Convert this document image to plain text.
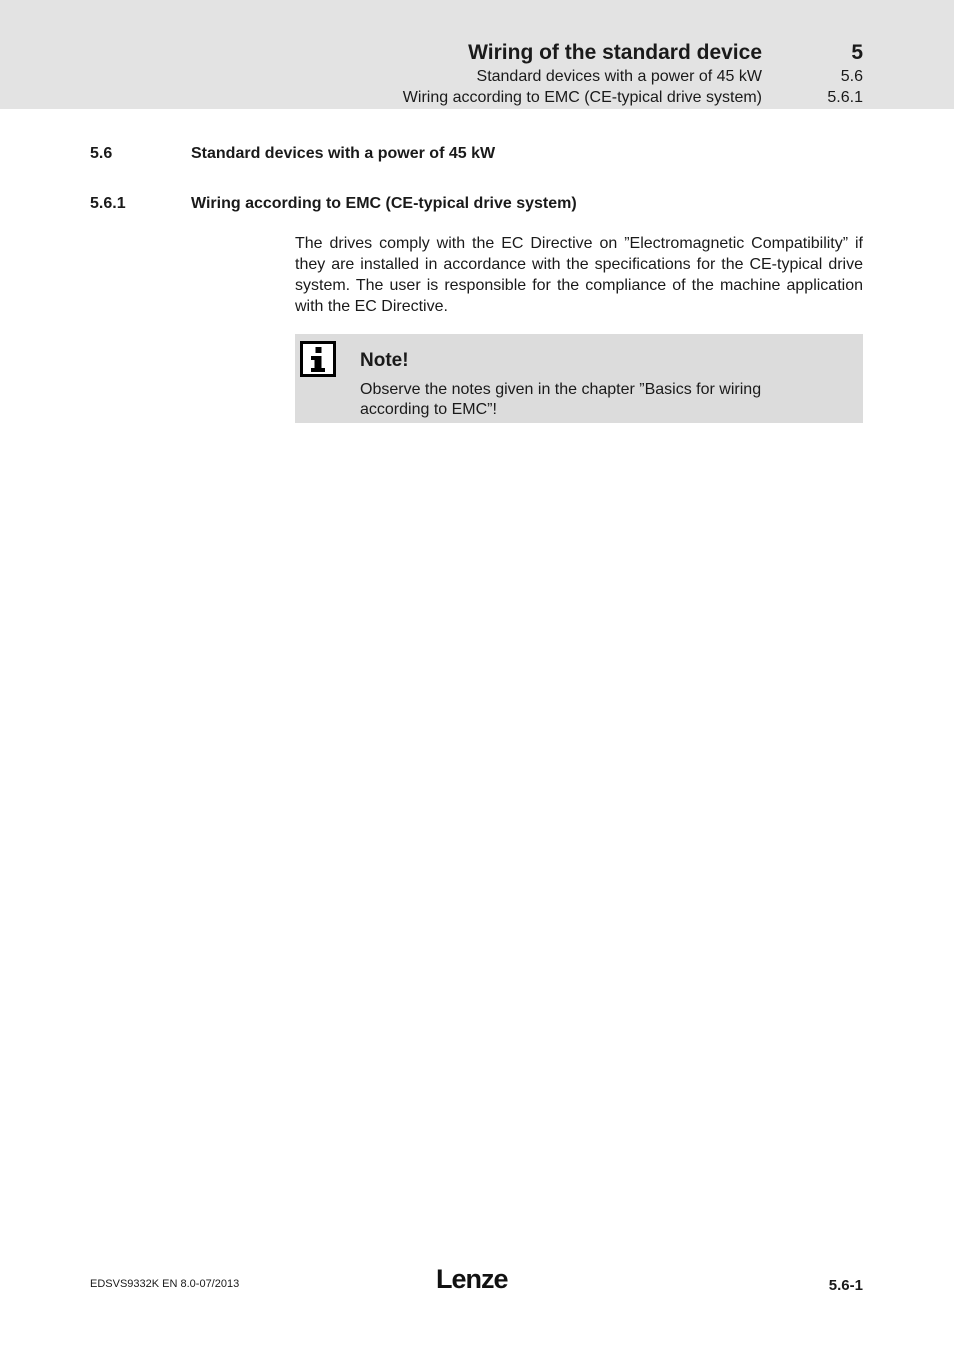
Wiring of the standard device	5
Standard devices with a power of 45 kW	5.6
Wiring according to EMC (CE-typical drive system)	5.6.1
5.6	Standard devices with a power of 45 kW
5.6.1	Wiring according to EMC (CE-typical drive system)

The drives comply with the EC Directive on ”Electromagnetic Compatibility” if they are installed in accordance with the specifications for the CE-typical drive system. The user is responsible for the compliance of the machine application with the EC Directive.

Note!
Observe the notes given in the chapter ”Basics for wiring according to EMC”!
EDSVS9332K EN 8.0-07/2013	Lenze	5.6-1
